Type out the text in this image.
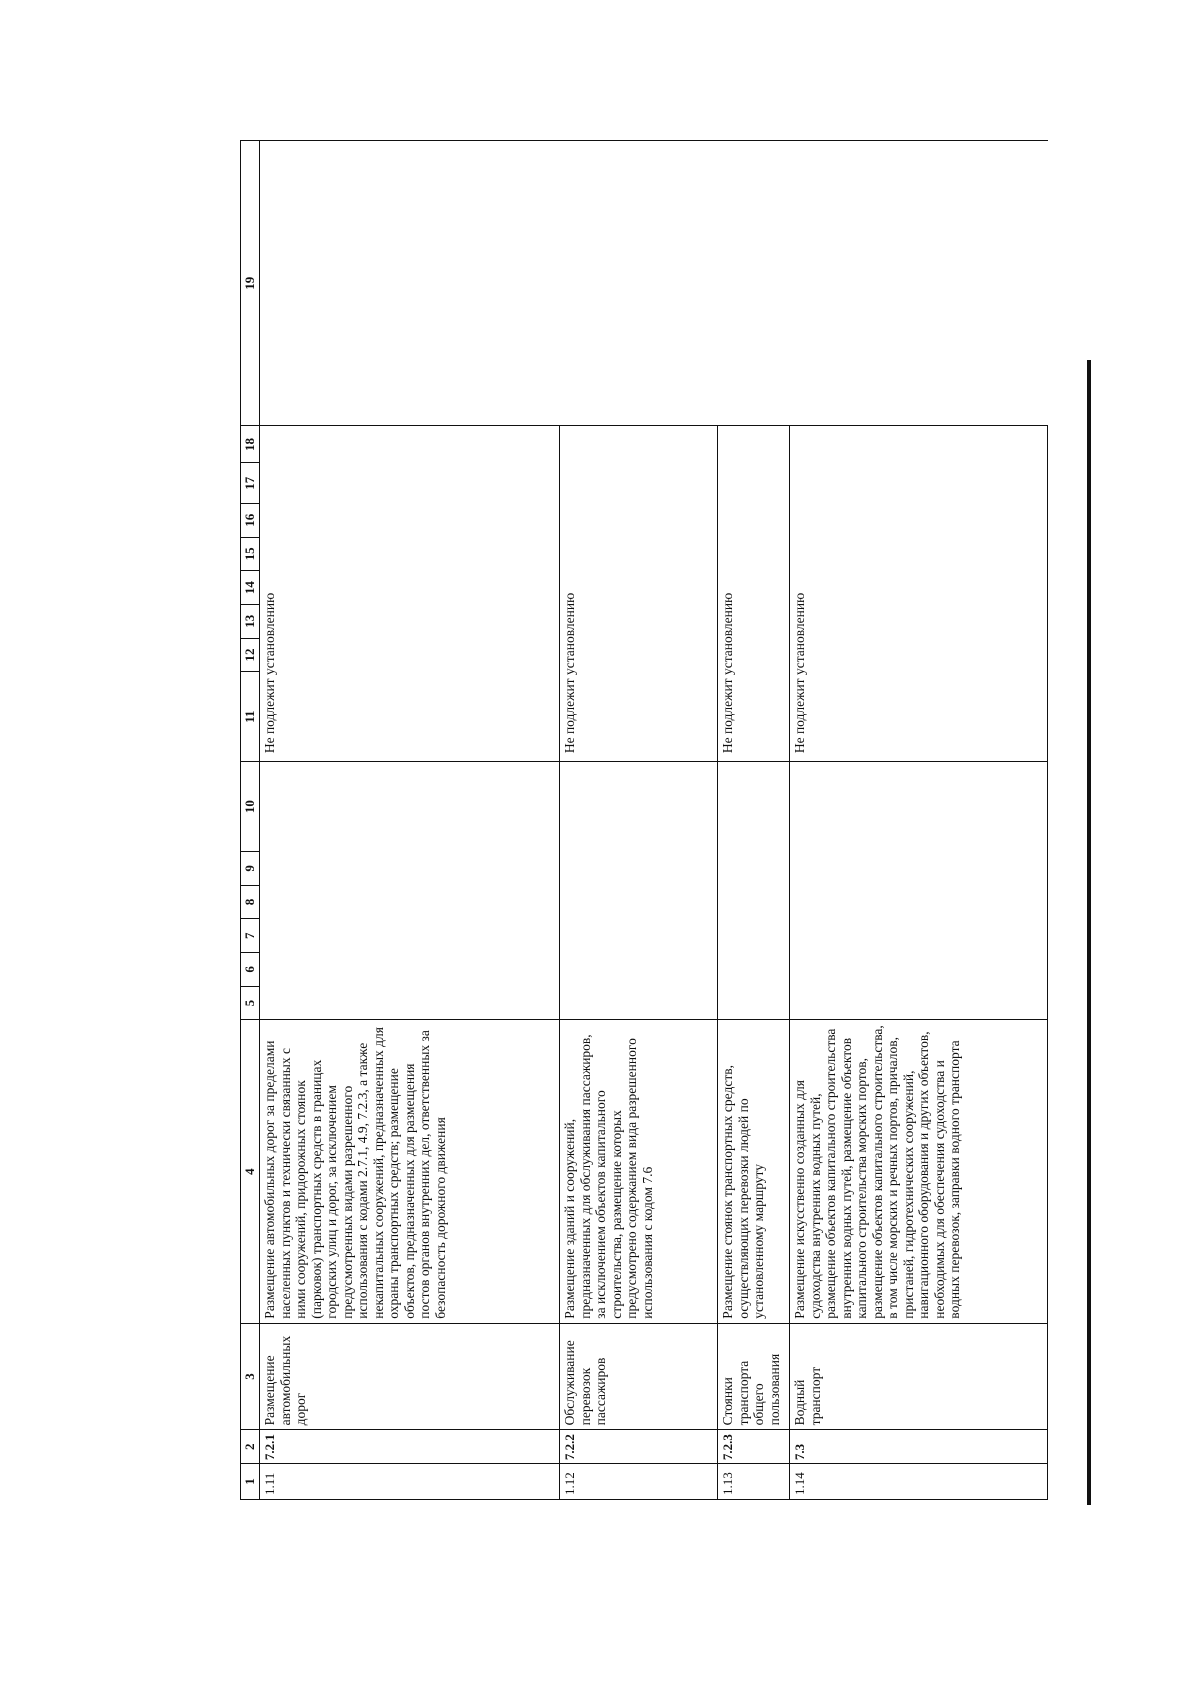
1	2	3	4	5	6	7	8	9	10	11	12	13	14	15	16	17	18	19
1.11	7.2.1	Размещение автомобильных дорог	Размещение автомобильных дорог за пределами населенных пунктов и технически связанных с ними сооружений, придорожных стоянок (парковок) транспортных средств в границах городских улиц и дорог, за исключением предусмотренных видами разрешенного использования с кодами 2.7.1, 4.9, 7.2.3, а также некапитальных сооружений, предназначенных для охраны транспортных средств; размещение объектов, предназначенных для размещения постов органов внутренних дел, ответственных за безопасность дорожного движения							Не подлежит установлению								
1.12	7.2.2	Обслуживание перевозок пассажиров	Размещение зданий и сооружений, предназначенных для обслуживания пассажиров, за исключением объектов капитального строительства, размещение которых предусмотрено содержанием вида разрешенного использования с кодом 7.6							Не подлежит установлению								
1.13	7.2.3	Стоянки транспорта общего пользования	Размещение стоянок транспортных средств, осуществляющих перевозки людей по установленному маршруту							Не подлежит установлению								
1.14	7.3	Водный транспорт	Размещение искусственно созданных для судоходства внутренних водных путей, размещение объектов капитального строительства внутренних водных путей, размещение объектов капитального строительства морских портов, размещение объектов капитального строительства, в том числе морских и речных портов, причалов, пристаней, гидротехнических сооружений, навигационного оборудования и других объектов, необходимых для обеспечения судоходства и водных перевозок, заправки водного транспорта							Не подлежит установлению								
